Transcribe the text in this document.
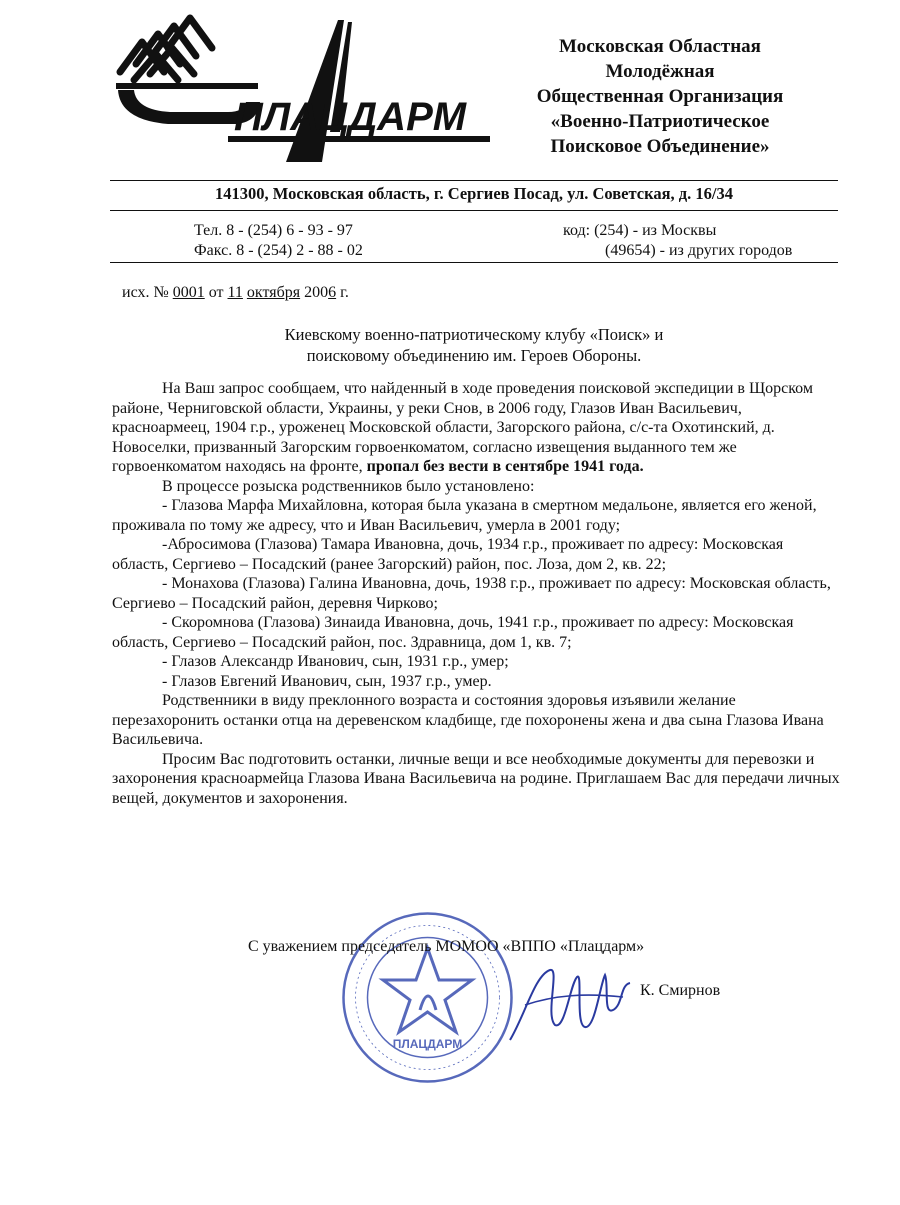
ПЛАЦДАРМ
Московская Областная
Молодёжная
Общественная Организация
«Военно-Патриотическое
Поисковое Объединение»
141300, Московская область, г. Сергиев Посад, ул. Советская, д. 16/34
Тел. 8 - (254) 6 - 93 - 97
Факс. 8 - (254) 2 - 88 - 02
код: (254) - из Москвы
(49654) - из других городов
исх. № 0001 от 11 октября 2006 г.
Киевскому военно-патриотическому клубу «Поиск» и
поисковому объединению им. Героев Обороны.

На Ваш запрос сообщаем, что найденный в ходе проведения поисковой экспедиции в Щорском районе, Черниговской области, Украины, у реки Снов, в 2006 году, Глазов Иван Васильевич, красноармеец, 1904 г.р., уроженец Московской области, Загорского района, с/с-та Охотинский, д. Новоселки, призванный Загорским горвоенкоматом, согласно извещения выданного тем же горвоенкоматом находясь на фронте, пропал без вести в сентябре 1941 года.

В процессе розыска родственников было установлено:

- Глазова Марфа Михайловна, которая была указана в смертном медальоне, является его женой, проживала по тому же адресу, что и Иван Васильевич, умерла в 2001 году;

-Абросимова (Глазова) Тамара Ивановна, дочь, 1934 г.р., проживает по адресу: Московская область, Сергиево – Посадский (ранее Загорский) район, пос. Лоза, дом 2, кв. 22;

- Монахова (Глазова) Галина Ивановна, дочь, 1938 г.р., проживает по адресу: Московская область, Сергиево – Посадский район, деревня Чирково;

- Скоромнова (Глазова) Зинаида Ивановна, дочь, 1941 г.р., проживает по адресу: Московская область, Сергиево – Посадский район, пос. Здравница, дом 1, кв. 7;

- Глазов Александр Иванович, сын, 1931 г.р., умер;

- Глазов Евгений Иванович, сын, 1937 г.р., умер.

Родственники в виду преклонного возраста и состояния здоровья изъявили желание перезахоронить останки отца на деревенском кладбище, где похоронены жена и два сына Глазова Ивана Васильевича.

Просим Вас подготовить останки, личные вещи и все необходимые документы для перевозки и захоронения красноармейца Глазова Ивана Васильевича на родине. Приглашаем Вас для передачи личных вещей, документов и захоронения.

ПЛАЦДАРМ
С уважением председатель МОМОО «ВППО «Плацдарм»
К. Смирнов
